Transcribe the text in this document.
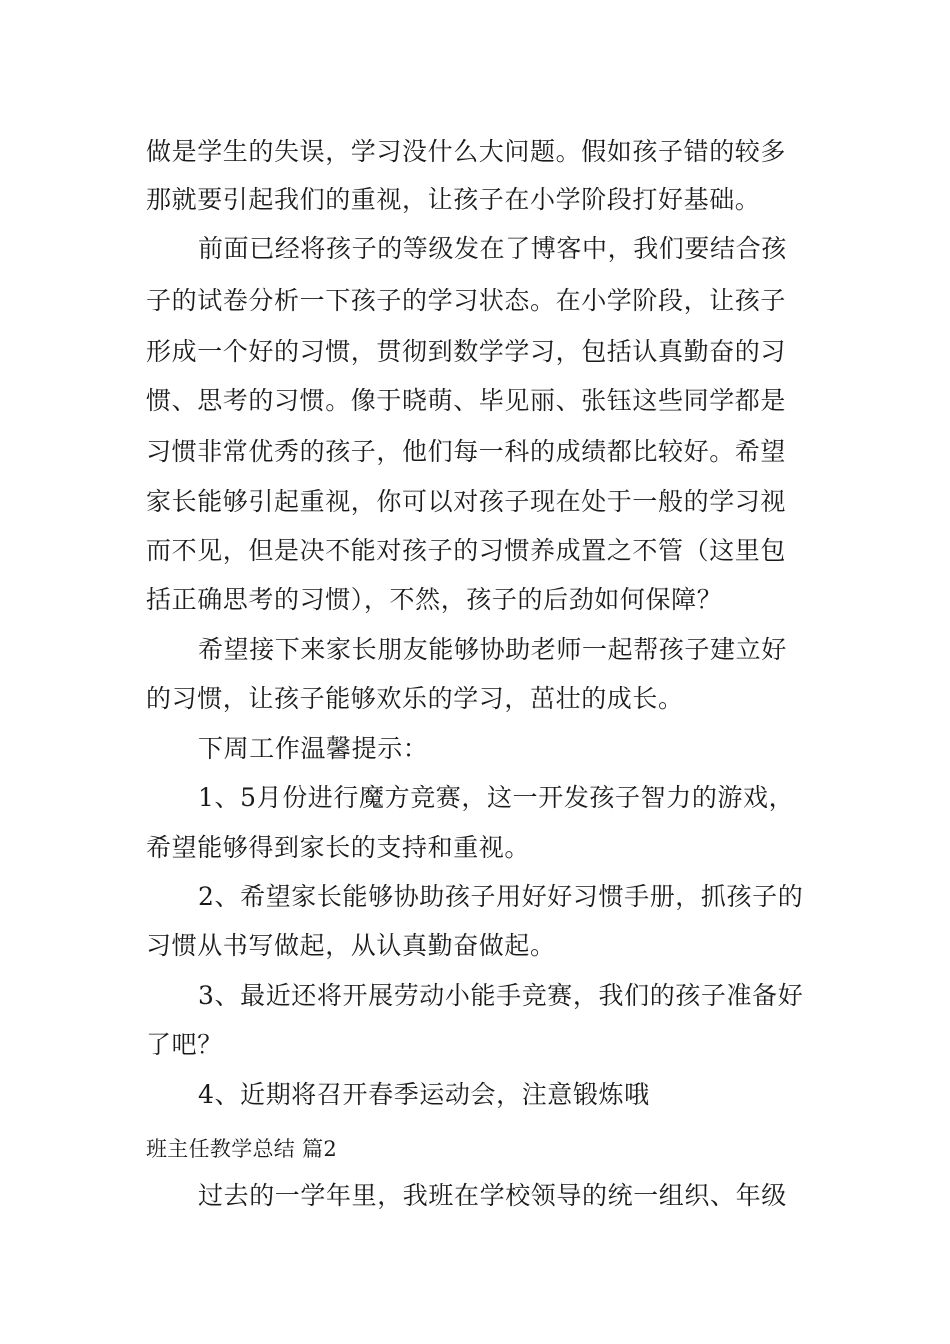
做是学生的失误，学习没什么大问题。假如孩子错的较多
那就要引起我们的重视，让孩子在小学阶段打好基础。
前面已经将孩子的等级发在了博客中，我们要结合孩
子的试卷分析一下孩子的学习状态。在小学阶段，让孩子
形成一个好的习惯，贯彻到数学学习，包括认真勤奋的习
惯、思考的习惯。像于晓萌、毕见丽、张钰这些同学都是
习惯非常优秀的孩子，他们每一科的成绩都比较好。希望
家长能够引起重视，你可以对孩子现在处于一般的学习视
而不见，但是决不能对孩子的习惯养成置之不管（这里包
括正确思考的习惯），不然，孩子的后劲如何保障？
希望接下来家长朋友能够协助老师一起帮孩子建立好
的习惯，让孩子能够欢乐的学习，茁壮的成长。
下周工作温馨提示：
1、5月份进行魔方竞赛，这一开发孩子智力的游戏，
希望能够得到家长的支持和重视。
2、希望家长能够协助孩子用好好习惯手册，抓孩子的
习惯从书写做起，从认真勤奋做起。
3、最近还将开展劳动小能手竞赛，我们的孩子准备好
了吧？
4、近期将召开春季运动会，注意锻炼哦
班主任教学总结 篇2
过去的一学年里，我班在学校领导的统一组织、年级
